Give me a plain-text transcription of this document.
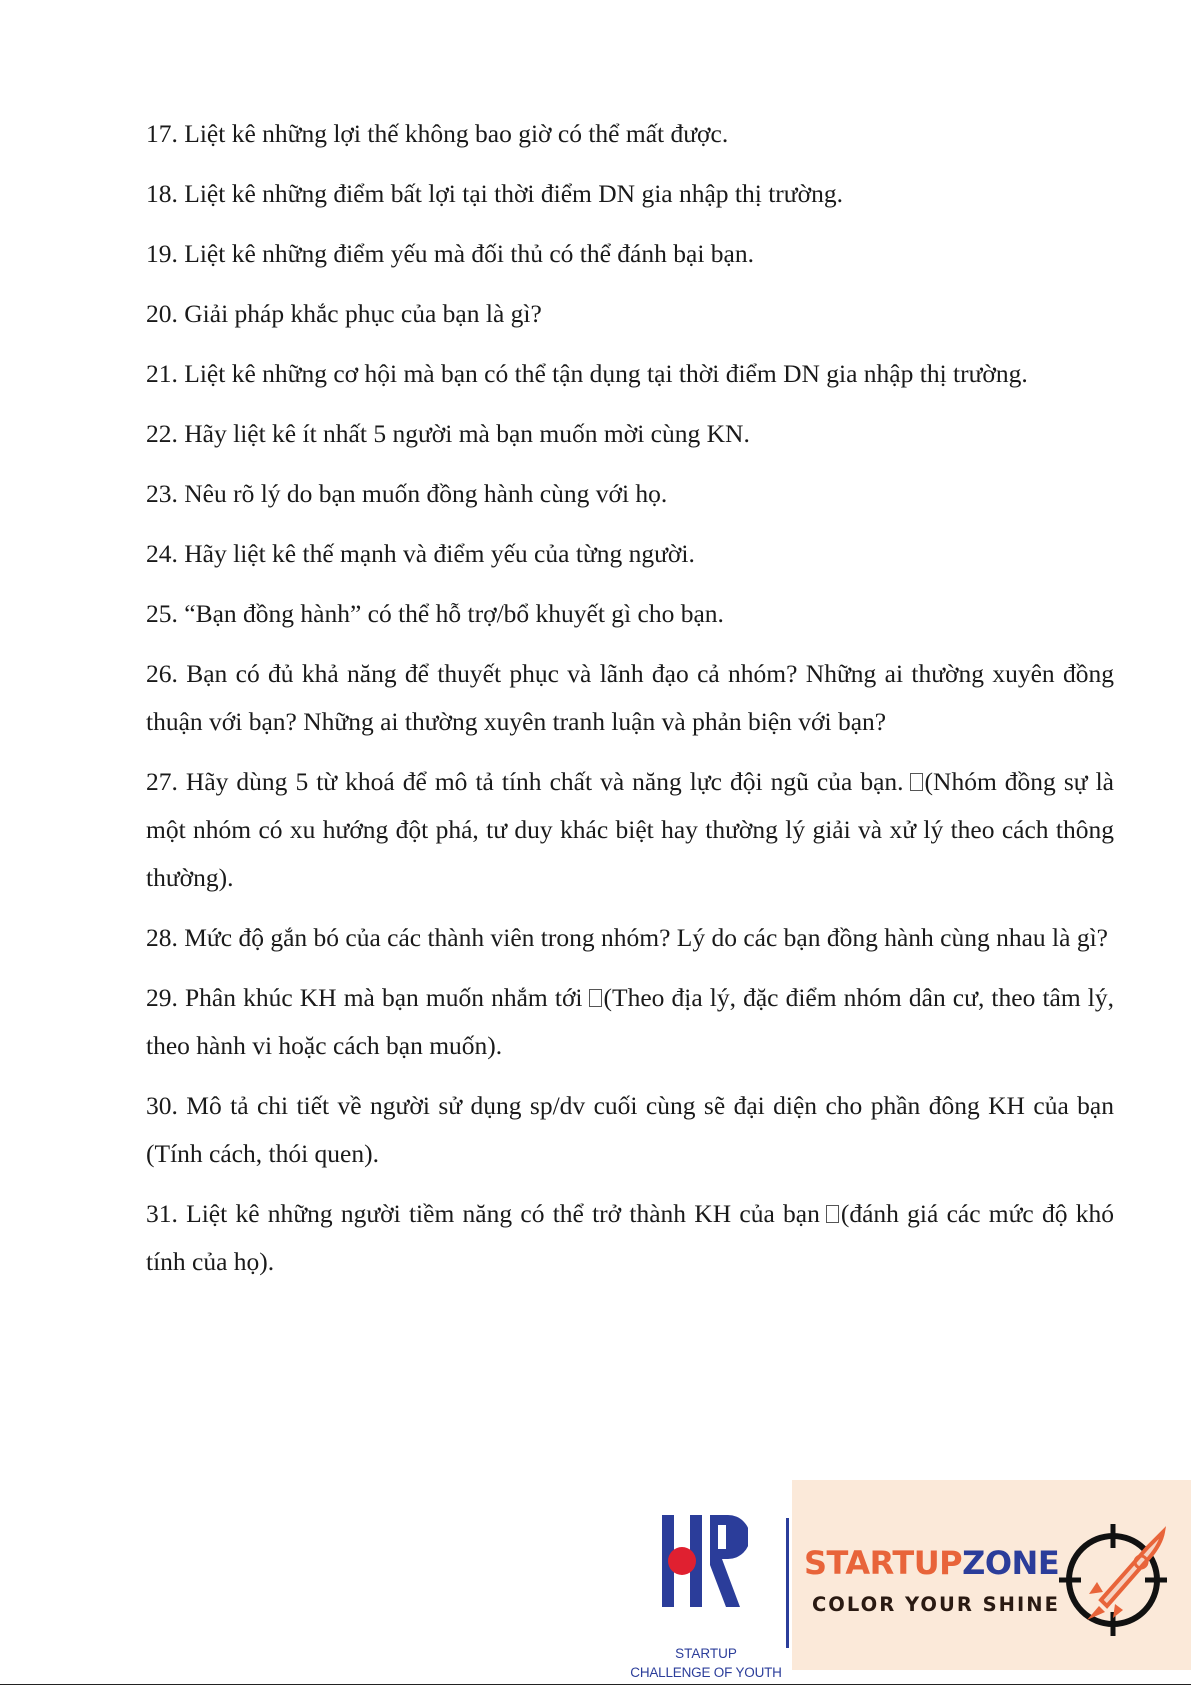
17. Liệt kê những lợi thế không bao giờ có thể mất được.

18. Liệt kê những điểm bất lợi tại thời điểm DN gia nhập thị trường.

19. Liệt kê những điểm yếu mà đối thủ có thể đánh bại bạn.

20. Giải pháp khắc phục của bạn là gì?

21. Liệt kê những cơ hội mà bạn có thể tận dụng tại thời điểm DN gia nhập thị trường.

22. Hãy liệt kê ít nhất 5 người mà bạn muốn mời cùng KN.

23. Nêu rõ lý do bạn muốn đồng hành cùng với họ.

24. Hãy liệt kê thế mạnh và điểm yếu của từng người.

25. “Bạn đồng hành” có thể hỗ trợ/bổ khuyết gì cho bạn.

26. Bạn có đủ khả năng để thuyết phục và lãnh đạo cả nhóm? Những ai thường xuyên đồng thuận với bạn? Những ai thường xuyên tranh luận và phản biện với bạn?

27. Hãy dùng 5 từ khoá để mô tả tính chất và năng lực đội ngũ của bạn. (Nhóm đồng sự là một nhóm có xu hướng đột phá, tư duy khác biệt hay thường lý giải và xử lý theo cách thông thường).

28. Mức độ gắn bó của các thành viên trong nhóm? Lý do các bạn đồng hành cùng nhau là gì?

29. Phân khúc KH mà bạn muốn nhắm tới (Theo địa lý, đặc điểm nhóm dân cư, theo tâm lý, theo hành vi hoặc cách bạn muốn).

30. Mô tả chi tiết về người sử dụng sp/dv cuối cùng sẽ đại diện cho phần đông KH của bạn (Tính cách, thói quen).

31. Liệt kê những người tiềm năng có thể trở thành KH của bạn (đánh giá các mức độ khó tính của họ).

STARTUP
CHALLENGE OF YOUTH
STARTUPZONE
COLOR YOUR SHINE
